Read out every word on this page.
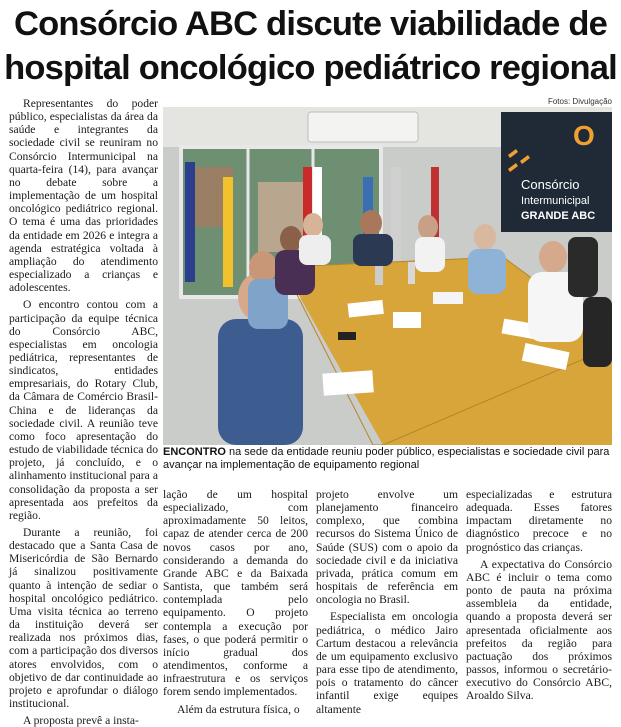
Consórcio ABC discute viabilidade de hospital oncológico pediátrico regional

Representantes do poder público, especialistas da área da saúde e integrantes da sociedade civil se reuniram no Consórcio Intermunicipal na quarta-feira (14), para avançar no debate sobre a implementação de um hospital oncológico pediátrico regional. O tema é uma das prioridades da entidade em 2026 e integra a agenda estratégica voltada à ampliação do atendimento especializado a crianças e adolescentes.

O encontro contou com a participação da equipe técnica do Consórcio ABC, especialistas em oncologia pediátrica, representantes de sindicatos, entidades empresariais, do Rotary Club, da Câmara de Comércio Brasil-China e de lideranças da sociedade civil. A reunião teve como foco apresentação do estudo de viabilidade técnica do projeto, já concluído, e o alinhamento institucional para a consolidação da proposta a ser apresentada aos prefeitos da região.

Durante a reunião, foi destacado que a Santa Casa de Misericórdia de São Bernardo já sinalizou positivamente quanto à intenção de sediar o hospital oncológico pediátrico. Uma visita técnica ao terreno da instituição deverá ser realizada nos próximos dias, com a participação dos diversos atores envolvidos, com o objetivo de dar continuidade ao projeto e aprofundar o diálogo institucional.

A proposta prevê a insta-

Fotos: Divulgação
O
Consórcio
Intermunicipal
GRANDE ABC
ENCONTRO na sede da entidade reuniu poder público, especialistas e sociedade civil para avançar na implementação de equipamento regional

lação de um hospital especializado, com aproximadamente 50 leitos, capaz de atender cerca de 200 novos casos por ano, considerando a demanda do Grande ABC e da Baixada Santista, que também será contemplada pelo equipamento. O projeto contempla a execução por fases, o que poderá permitir o início gradual dos atendimentos, conforme a infraestrutura e os serviços forem sendo implementados.

Além da estrutura física, o

projeto envolve um planejamento financeiro complexo, que combina recursos do Sistema Único de Saúde (SUS) com o apoio da sociedade civil e da iniciativa privada, prática comum em hospitais de referência em oncologia no Brasil.

Especialista em oncologia pediátrica, o médico Jairo Cartum destacou a relevância de um equipamento exclusivo para esse tipo de atendimento, pois o tratamento do câncer infantil exige equipes altamente

especializadas e estrutura adequada. Esses fatores impactam diretamente no diagnóstico precoce e no prognóstico das crianças.

A expectativa do Consórcio ABC é incluir o tema como ponto de pauta na próxima assembleia da entidade, quando a proposta deverá ser apresentada oficialmente aos prefeitos da região para pactuação dos próximos passos, informou o secretário-executivo do Consórcio ABC, Aroaldo Silva.
